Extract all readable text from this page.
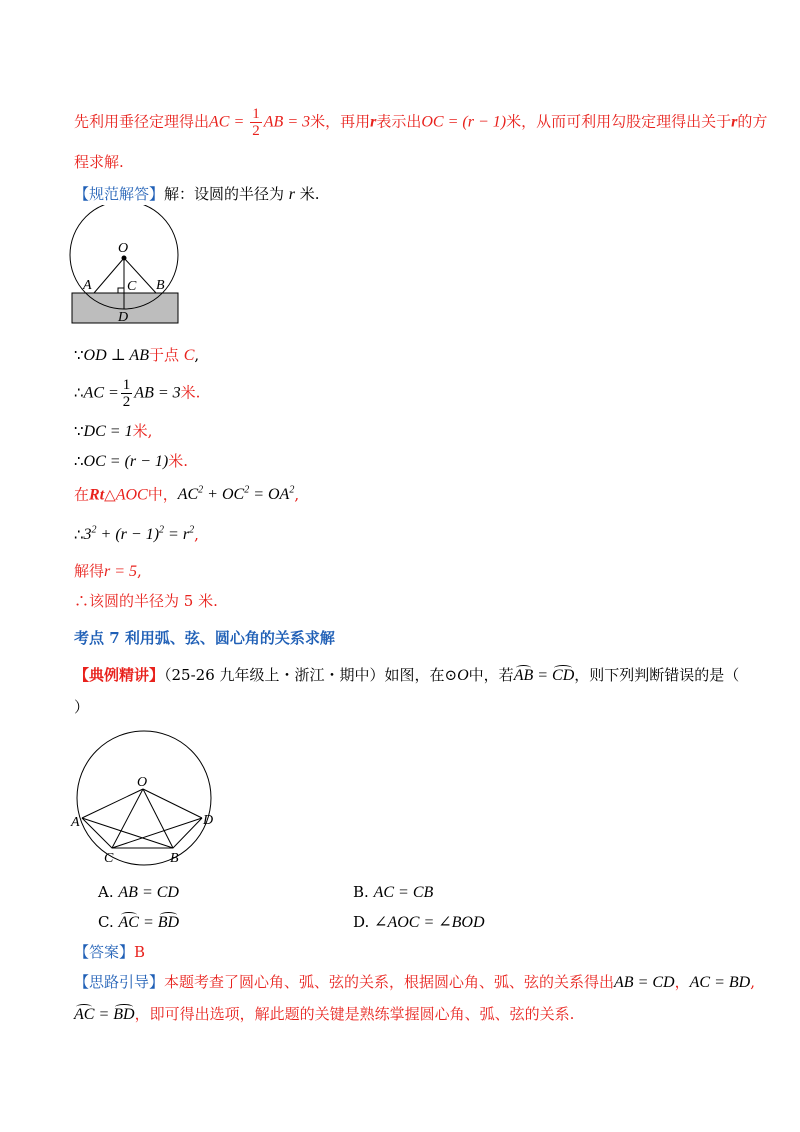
先利用垂径定理得出AC = $\frac{1}{2}$ AB = 3米，再用r表示出OC = (r − 1)米，从而可利用勾股定理得出关于r的方
程求解.
【规范解答】解：设圆的半径为 r 米.
O
A	B
C
D
∵OD ⊥ AB于点 C,
∴AC = $\frac{1}{2}$ AB = 3米.
∵DC = 1米,
∴OC = (r − 1)米.
在Rt△AOC中，$AC^2 + OC^2 = OA^2$,
$\therefore 3^2 + (r - 1)^2 = r^2$,
解得r = 5,
∴该圆的半径为 5 米.
考点 7 利用弧、弦、圆心角的关系求解
【典例精讲】（25-26 九年级上・浙江・期中）如图，在⊙O中，若AB = CD，则下列判断错误的是（
）
O
A
C	B
D
A. AB = CD	B. AC = CB
C. AC = BD	D. ∠AOC = ∠BOD
【答案】B
【思路引导】本题考查了圆心角、弧、弦的关系，根据圆心角、弧、弦的关系得出AB = CD，AC = BD,
AC = BD，即可得出选项，解此题的关键是熟练掌握圆心角、弧、弦的关系.
